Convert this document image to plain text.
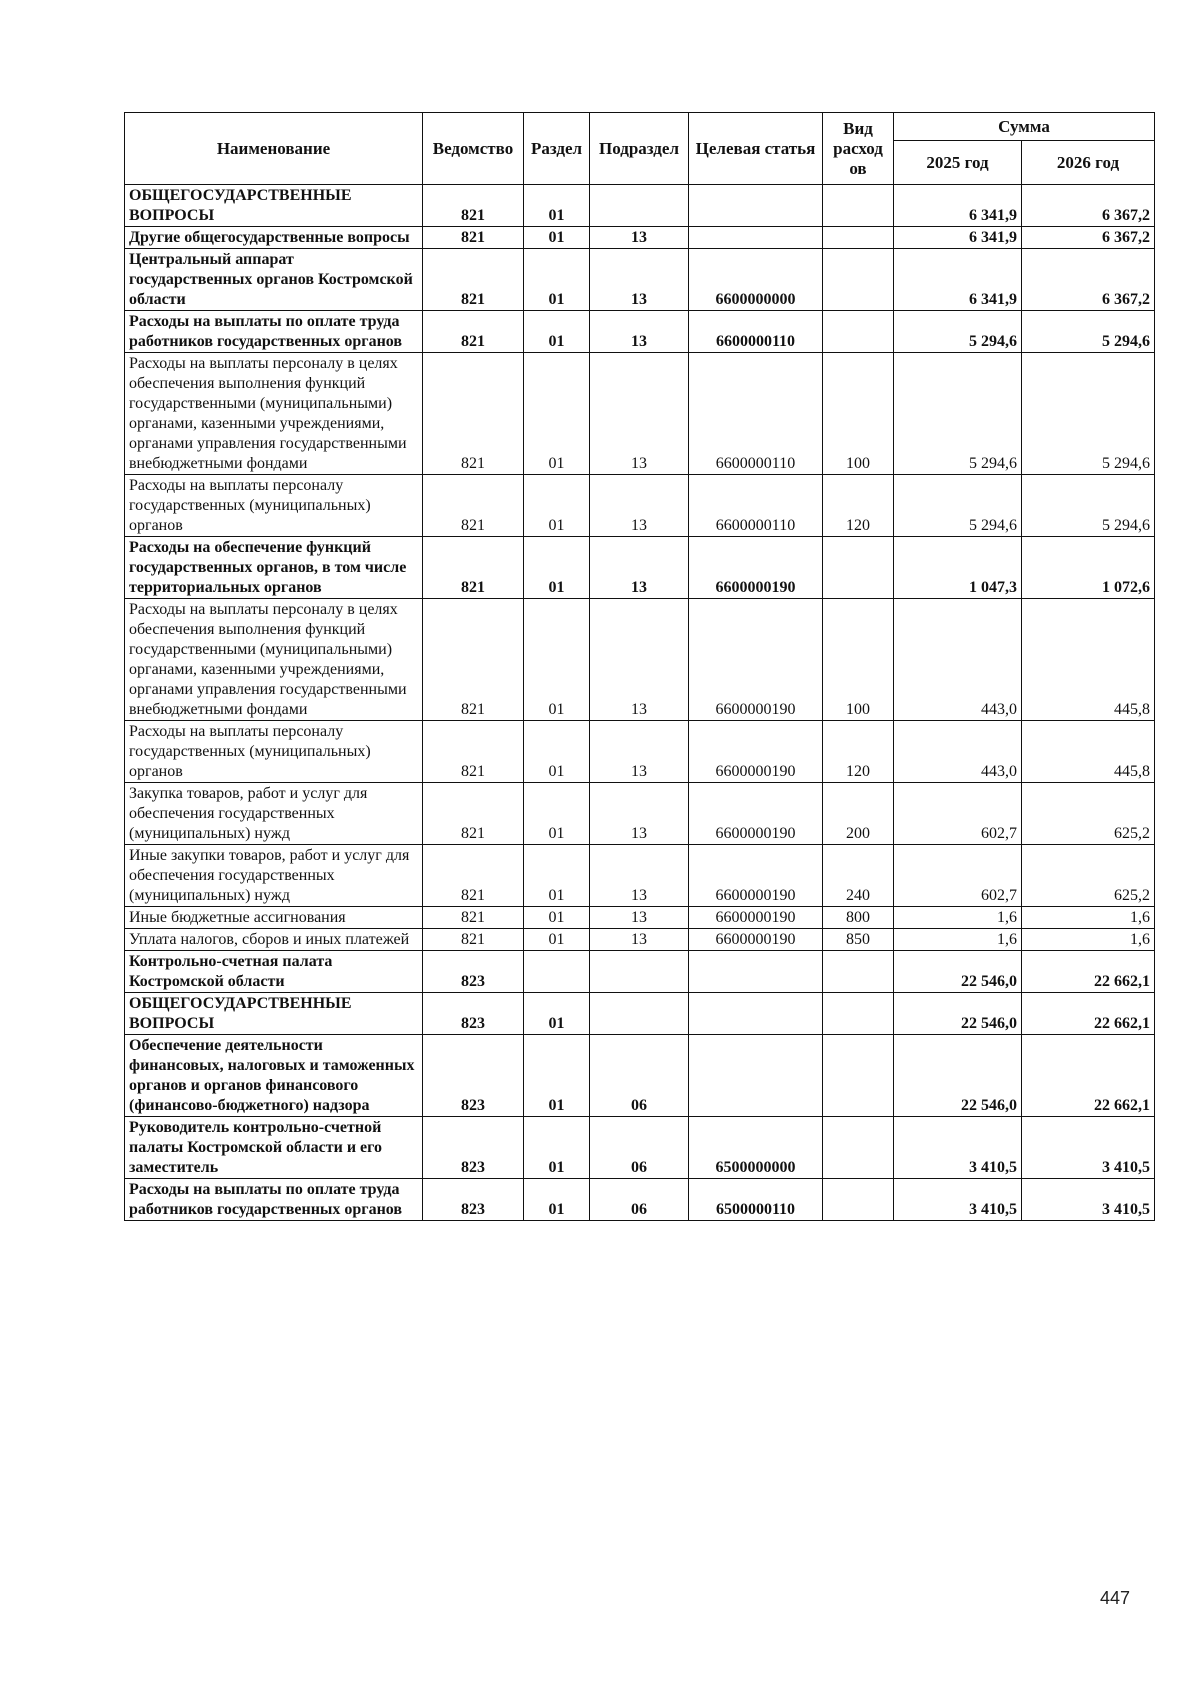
Наименование	Ведомство	Раздел	Подраздел	Целевая статья	Вид расход ов	Сумма	
						2025 год	2026 год
ОБЩЕГОСУДАРСТВЕННЫЕ ВОПРОСЫ	821	01				6 341,9	6 367,2
Другие общегосударственные вопросы	821	01	13			6 341,9	6 367,2
Центральный аппарат государственных органов Костромской области	821	01	13	6600000000		6 341,9	6 367,2
Расходы на выплаты по оплате труда работников государственных органов	821	01	13	6600000110		5 294,6	5 294,6
Расходы на выплаты персоналу в целях обеспечения выполнения функций государственными (муниципальными) органами, казенными учреждениями, органами управления государственными внебюджетными фондами	821	01	13	6600000110	100	5 294,6	5 294,6
Расходы на выплаты персоналу государственных (муниципальных) органов	821	01	13	6600000110	120	5 294,6	5 294,6
Расходы на обеспечение функций государственных органов, в том числе территориальных органов	821	01	13	6600000190		1 047,3	1 072,6
Расходы на выплаты персоналу в целях обеспечения выполнения функций государственными (муниципальными) органами, казенными учреждениями, органами управления государственными внебюджетными фондами	821	01	13	6600000190	100	443,0	445,8
Расходы на выплаты персоналу государственных (муниципальных) органов	821	01	13	6600000190	120	443,0	445,8
Закупка товаров, работ и услуг для обеспечения государственных (муниципальных) нужд	821	01	13	6600000190	200	602,7	625,2
Иные закупки товаров, работ и услуг для обеспечения государственных (муниципальных) нужд	821	01	13	6600000190	240	602,7	625,2
Иные бюджетные ассигнования	821	01	13	6600000190	800	1,6	1,6
Уплата налогов, сборов и иных платежей	821	01	13	6600000190	850	1,6	1,6
Контрольно-счетная палата Костромской области	823					22 546,0	22 662,1
ОБЩЕГОСУДАРСТВЕННЫЕ ВОПРОСЫ	823	01				22 546,0	22 662,1
Обеспечение деятельности финансовых, налоговых и таможенных органов и органов финансового (финансово-бюджетного) надзора	823	01	06			22 546,0	22 662,1
Руководитель контрольно-счетной палаты Костромской области и его заместитель	823	01	06	6500000000		3 410,5	3 410,5
Расходы на выплаты по оплате труда работников государственных органов	823	01	06	6500000110		3 410,5	3 410,5
447
